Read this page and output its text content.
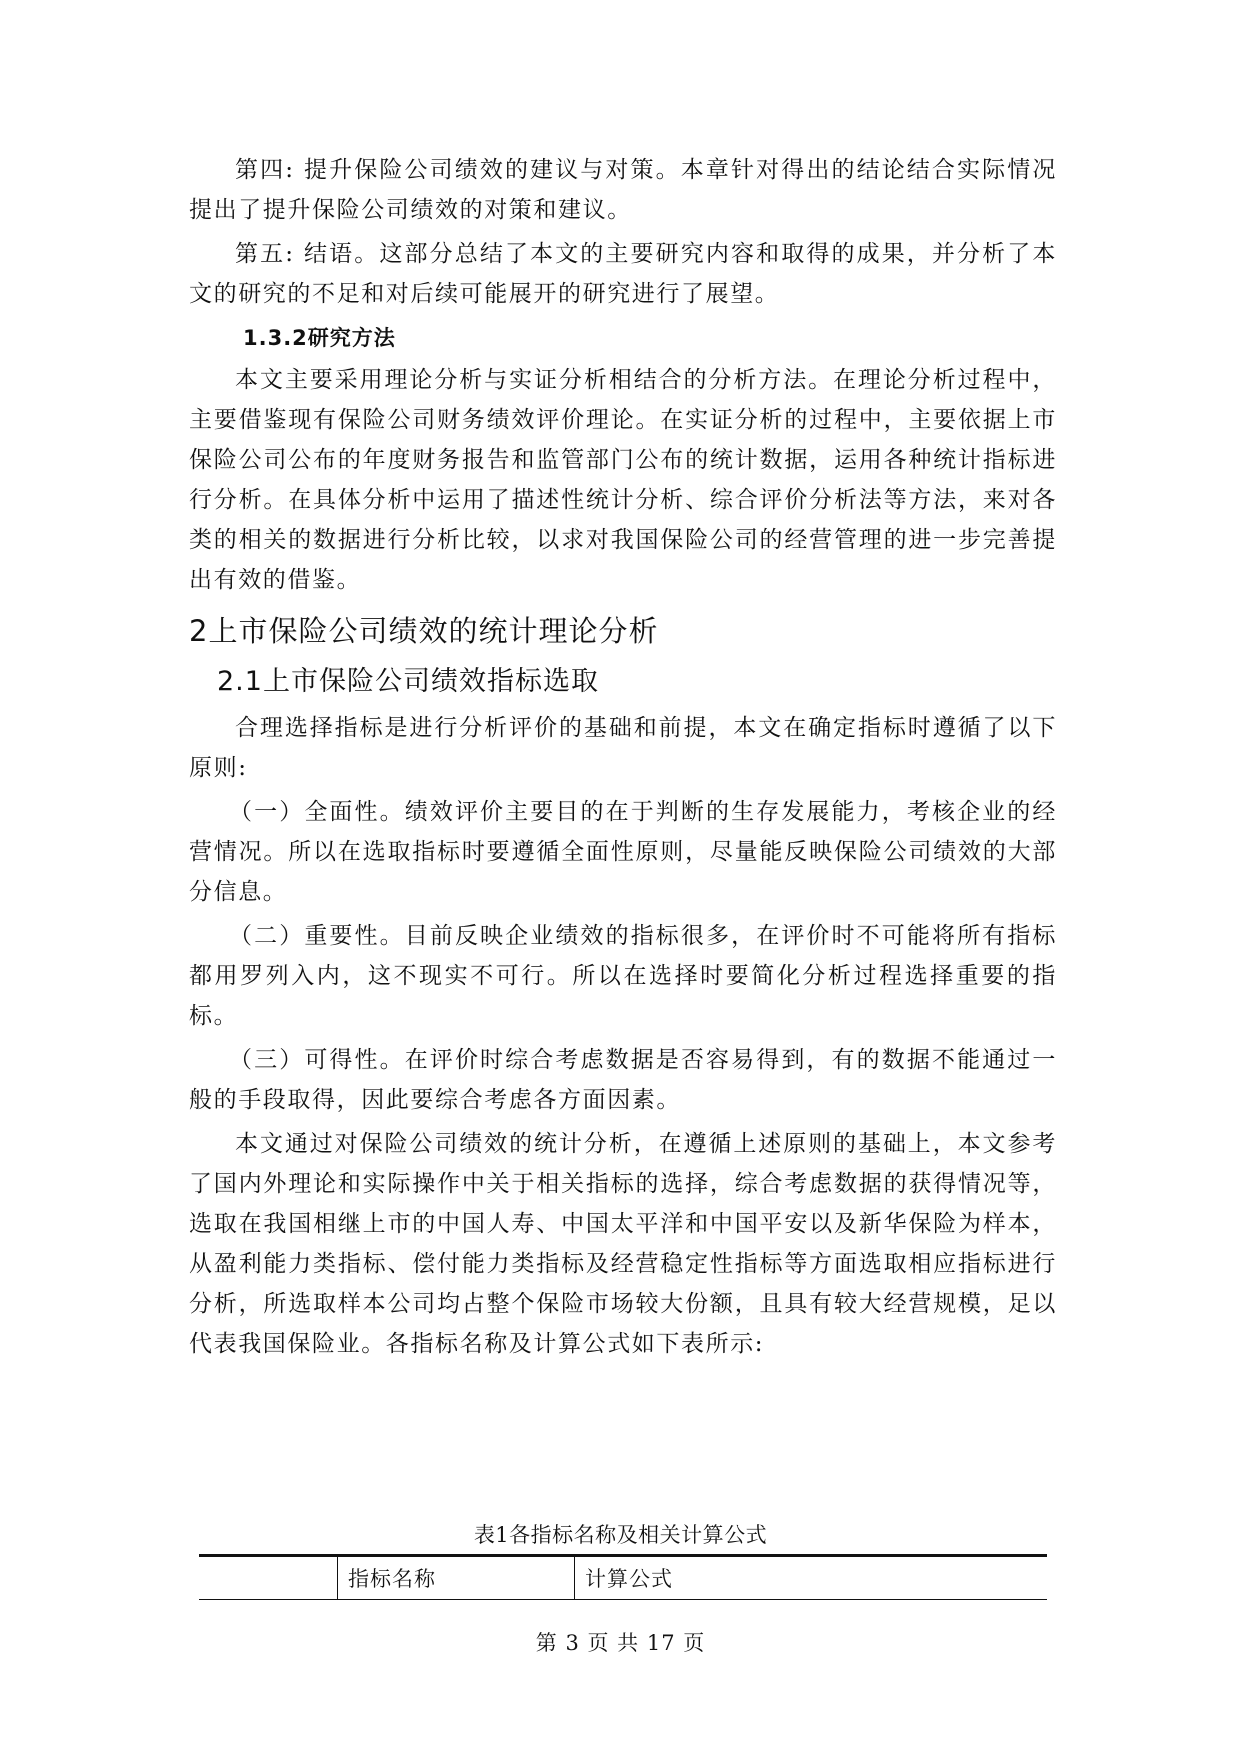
第四: 提升保险公司绩效的建议与对策。本章针对得出的结论结合实际情况提出了提升保险公司绩效的对策和建议。

第五: 结语。这部分总结了本文的主要研究内容和取得的成果，并分析了本文的研究的不足和对后续可能展开的研究进行了展望。

1.3.2研究方法

本文主要采用理论分析与实证分析相结合的分析方法。在理论分析过程中，主要借鉴现有保险公司财务绩效评价理论。在实证分析的过程中，主要依据上市保险公司公布的年度财务报告和监管部门公布的统计数据，运用各种统计指标进行分析。在具体分析中运用了描述性统计分析、综合评价分析法等方法，来对各类的相关的数据进行分析比较，以求对我国保险公司的经营管理的进一步完善提出有效的借鉴。

2上市保险公司绩效的统计理论分析
2.1上市保险公司绩效指标选取

合理选择指标是进行分析评价的基础和前提，本文在确定指标时遵循了以下原则:

（一）全面性。绩效评价主要目的在于判断的生存发展能力，考核企业的经营情况。所以在选取指标时要遵循全面性原则，尽量能反映保险公司绩效的大部分信息。

（二）重要性。目前反映企业绩效的指标很多，在评价时不可能将所有指标都用罗列入内，这不现实不可行。所以在选择时要简化分析过程选择重要的指标。

（三）可得性。在评价时综合考虑数据是否容易得到，有的数据不能通过一般的手段取得，因此要综合考虑各方面因素。

本文通过对保险公司绩效的统计分析，在遵循上述原则的基础上，本文参考了国内外理论和实际操作中关于相关指标的选择，综合考虑数据的获得情况等，选取在我国相继上市的中国人寿、中国太平洋和中国平安以及新华保险为样本，从盈利能力类指标、偿付能力类指标及经营稳定性指标等方面选取相应指标进行分析，所选取样本公司均占整个保险市场较大份额，且具有较大经营规模，足以代表我国保险业。各指标名称及计算公式如下表所示:

表1各指标名称及相关计算公式
	指标名称	计算公式
第 3 页 共 17 页
